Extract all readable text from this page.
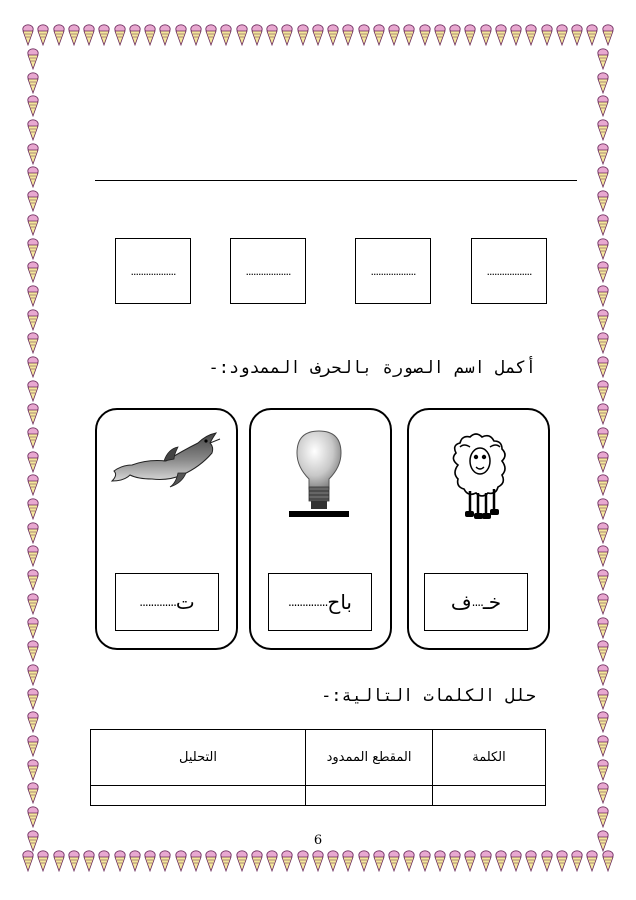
..................	..................	..................	..................
أكمل اسم الصورة بالحرف الممدود:-
خـ
....
ف
باح
..............
ت
.............
حلل الكلمات التالية:-
الكلمة	المقطع الممدود	التحليل

6
